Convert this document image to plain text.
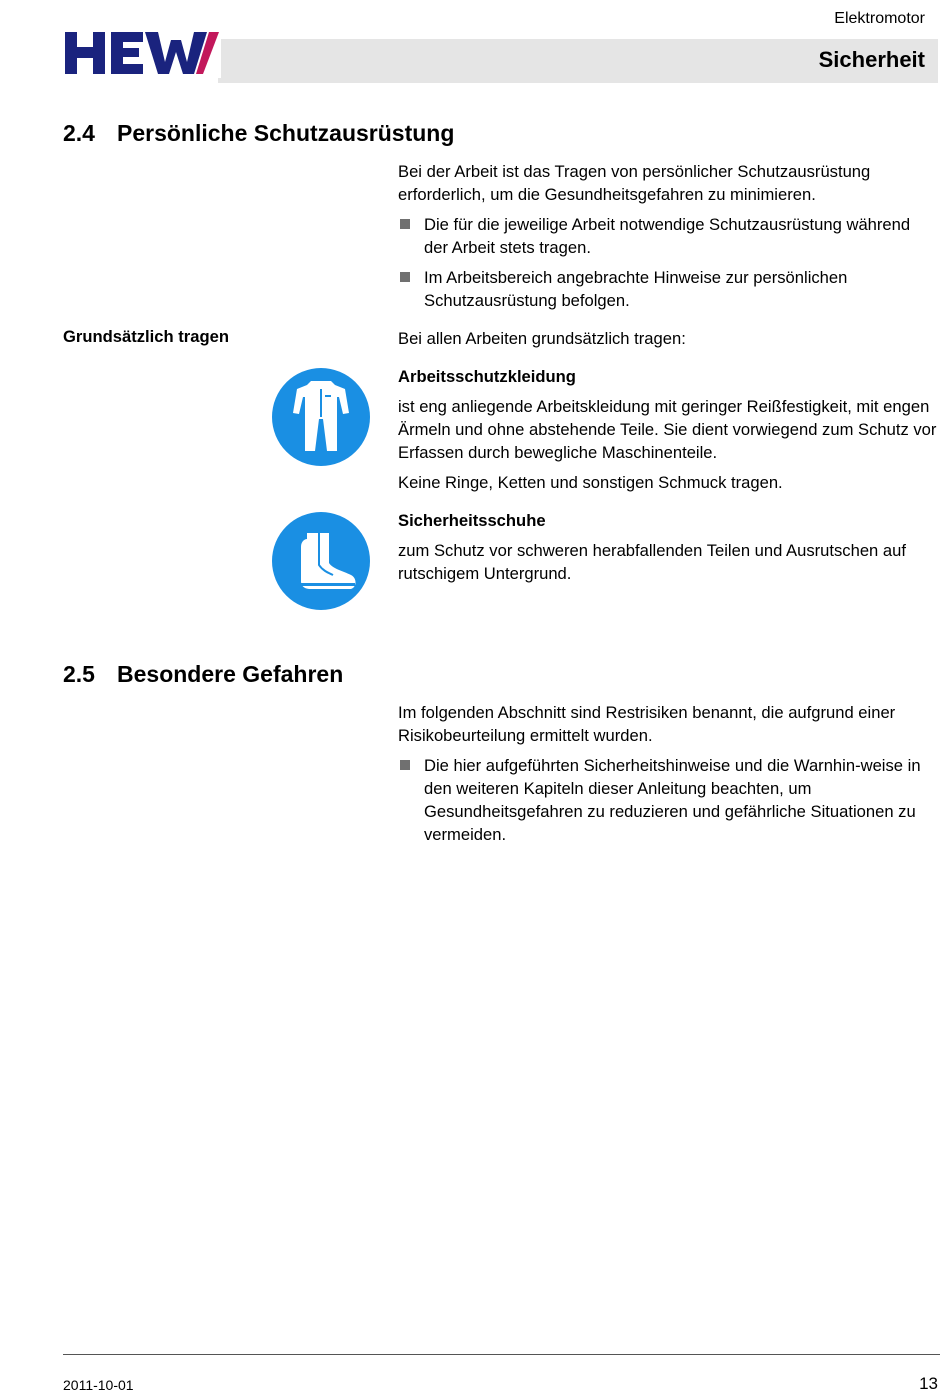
Elektromotor
Sicherheit
2.4 Persönliche Schutzausrüstung

Bei der Arbeit ist das Tragen von persönlicher Schutzausrüstung erforderlich, um die Gesundheitsgefahren zu minimieren.

Die für die jeweilige Arbeit notwendige Schutzausrüstung während der Arbeit stets tragen.
Im Arbeitsbereich angebrachte Hinweise zur persönlichen Schutzausrüstung befolgen.
Grundsätzlich tragen	Bei allen Arbeiten grundsätzlich tragen:
Arbeitsschutzkleidung

ist eng anliegende Arbeitskleidung mit geringer Reißfestigkeit, mit engen Ärmeln und ohne abstehende Teile. Sie dient vorwiegend zum Schutz vor Erfassen durch bewegliche Maschinenteile.

Keine Ringe, Ketten und sonstigen Schmuck tragen.

Sicherheitsschuhe

zum Schutz vor schweren herabfallenden Teilen und Ausrutschen auf rutschigem Untergrund.

2.5 Besondere Gefahren

Im folgenden Abschnitt sind Restrisiken benannt, die aufgrund einer Risikobeurteilung ermittelt wurden.

Die hier aufgeführten Sicherheitshinweise und die Warnhin-weise in den weiteren Kapiteln dieser Anleitung beachten, um Gesundheitsgefahren zu reduzieren und gefährliche Situationen zu vermeiden.
2011-10-01	13
